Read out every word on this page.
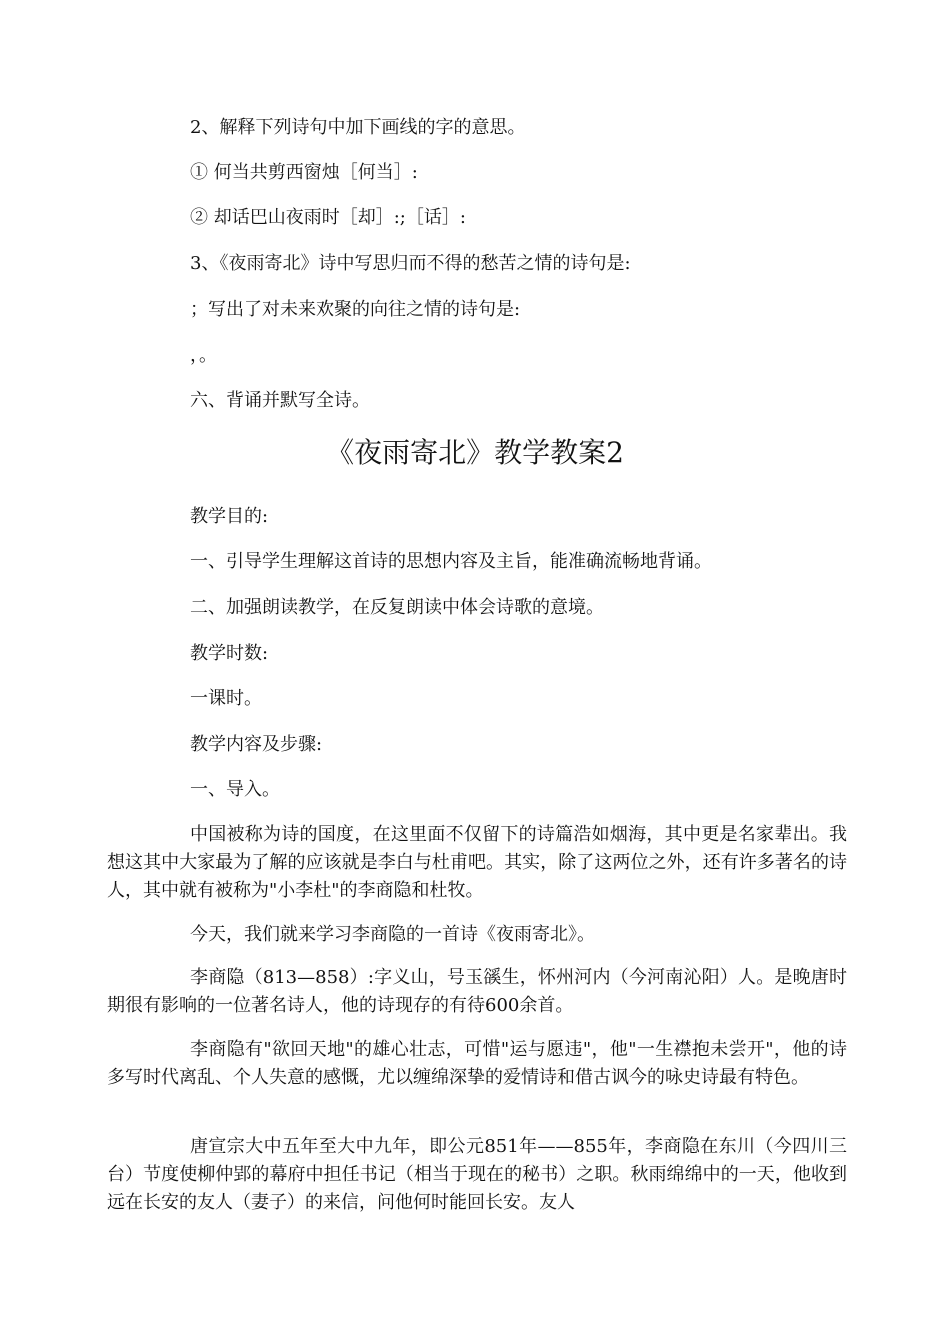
2、解释下列诗句中加下画线的字的意思。
① 何当共剪西窗烛［何当］:
② 却话巴山夜雨时［却］:;［话］:
3、《夜雨寄北》诗中写思归而不得的愁苦之情的诗句是:
；写出了对未来欢聚的向往之情的诗句是:
，。
六、背诵并默写全诗。
《夜雨寄北》教学教案2
教学目的:
一、引导学生理解这首诗的思想内容及主旨，能准确流畅地背诵。
二、加强朗读教学，在反复朗读中体会诗歌的意境。
教学时数:
一课时。
教学内容及步骤:
一、导入。
中国被称为诗的国度，在这里面不仅留下的诗篇浩如烟海，其中更是名家辈出。我想这其中大家最为了解的应该就是李白与杜甫吧。其实，除了这两位之外，还有许多著名的诗人，其中就有被称为"小李杜"的李商隐和杜牧。
今天，我们就来学习李商隐的一首诗《夜雨寄北》。
李商隐（813—858）:字义山，号玉豀生，怀州河内（今河南沁阳）人。是晚唐时期很有影响的一位著名诗人，他的诗现存的有待600余首。
李商隐有"欲回天地"的雄心壮志，可惜"运与愿违"，他"一生襟抱未尝开"，他的诗多写时代离乱、个人失意的感慨，尤以缠绵深挚的爱情诗和借古讽今的咏史诗最有特色。
唐宣宗大中五年至大中九年，即公元851年——855年，李商隐在东川（今四川三台）节度使柳仲郢的幕府中担任书记（相当于现在的秘书）之职。秋雨绵绵中的一天，他收到远在长安的友人（妻子）的来信，问他何时能回长安。友人
